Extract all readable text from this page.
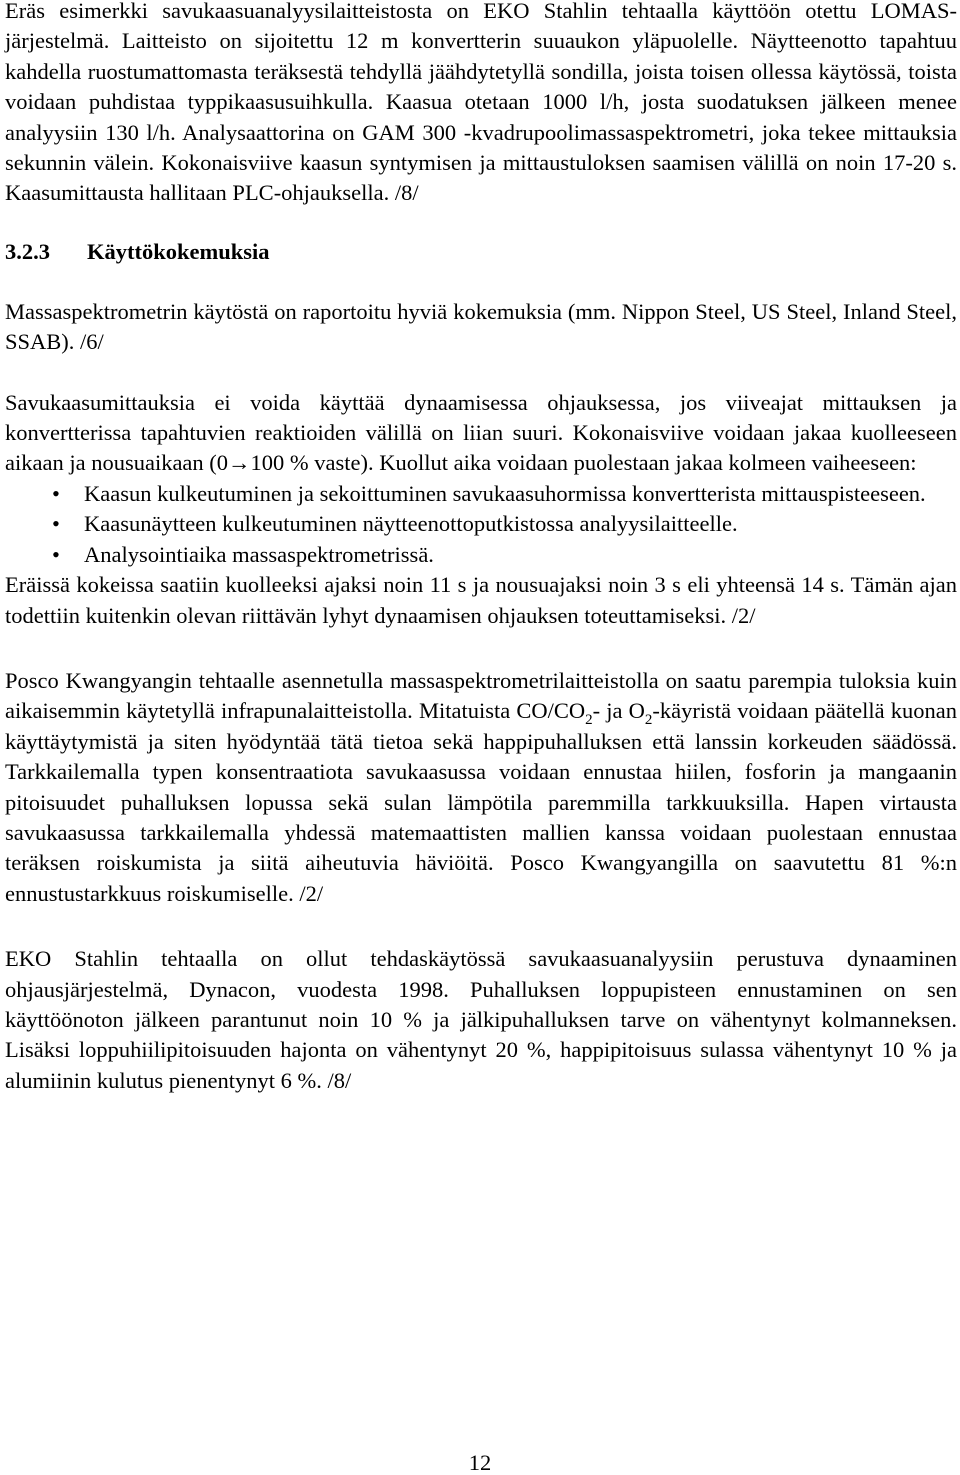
Eräs esimerkki savukaasuanalyysilaitteistosta on EKO Stahlin tehtaalla käyttöön otettu LOMAS-järjestelmä. Laitteisto on sijoitettu 12 m konvertterin suuaukon yläpuolelle. Näytteenotto tapahtuu kahdella ruostumattomasta teräksestä tehdyllä jäähdytetyllä sondilla, joista toisen ollessa käytössä, toista voidaan puhdistaa typpikaasusuihkulla. Kaasua otetaan 1000 l/h, josta suodatuksen jälkeen menee analyysiin 130 l/h. Analysaattorina on GAM 300 -kvadrupoolimassaspektrometri, joka tekee mittauksia sekunnin välein. Kokonaisviive kaasun syntymisen ja mittaustuloksen saamisen välillä on noin 17-20 s. Kaasumittausta hallitaan PLC-ohjauksella. /8/

3.2.3	Käyttökokemuksia

Massaspektrometrin käytöstä on raportoitu hyviä kokemuksia (mm. Nippon Steel, US Steel, Inland Steel, SSAB). /6/

Savukaasumittauksia ei voida käyttää dynaamisessa ohjauksessa, jos viiveajat mittauksen ja konvertterissa tapahtuvien reaktioiden välillä on liian suuri. Kokonaisviive voidaan jakaa kuolleeseen aikaan ja nousuaikaan (0→100 % vaste). Kuollut aika voidaan puolestaan jakaa kolmeen vaiheeseen:

• Kaasun kulkeutuminen ja sekoittuminen savukaasuhormissa konvertterista mittauspisteeseen.
• Kaasunäytteen kulkeutuminen näytteenottoputkistossa analyysilaitteelle.
• Analysointiaika massaspektrometrissä.

Eräissä kokeissa saatiin kuolleeksi ajaksi noin 11 s ja nousuajaksi noin 3 s eli yhteensä 14 s. Tämän ajan todettiin kuitenkin olevan riittävän lyhyt dynaamisen ohjauksen toteuttamiseksi. /2/

Posco Kwangyangin tehtaalle asennetulla massaspektrometrilaitteistolla on saatu parempia tuloksia kuin aikaisemmin käytetyllä infrapunalaitteistolla. Mitatuista $CO/CO_2-$ ja $O_2$-käyristä voidaan päätellä kuonan käyttäytymistä ja siten hyödyntää tätä tietoa sekä happipuhalluksen että lanssin korkeuden säädössä. Tarkkailemalla typen konsentraatiota savukaasussa voidaan ennustaa hiilen, fosforin ja mangaanin pitoisuudet puhalluksen lopussa sekä sulan lämpötila paremmilla tarkkuuksilla. Hapen virtausta savukaasussa tarkkailemalla yhdessä matemaattisten mallien kanssa voidaan puolestaan ennustaa teräksen roiskumista ja siitä aiheutuvia häviöitä. Posco Kwangyangilla on saavutettu 81 %:n ennustustarkkuus roiskumiselle. /2/

EKO Stahlin tehtaalla on ollut tehdaskäytössä savukaasuanalyysiin perustuva dynaaminen ohjausjärjestelmä, Dynacon, vuodesta 1998. Puhalluksen loppupisteen ennustaminen on sen käyttöönoton jälkeen parantunut noin 10 % ja jälkipuhalluksen tarve on vähentynyt kolmanneksen. Lisäksi loppuhiilipitoisuuden hajonta on vähentynyt 20 %, happipitoisuus sulassa vähentynyt 10 % ja alumiinin kulutus pienentynyt 6 %. /8/

12
